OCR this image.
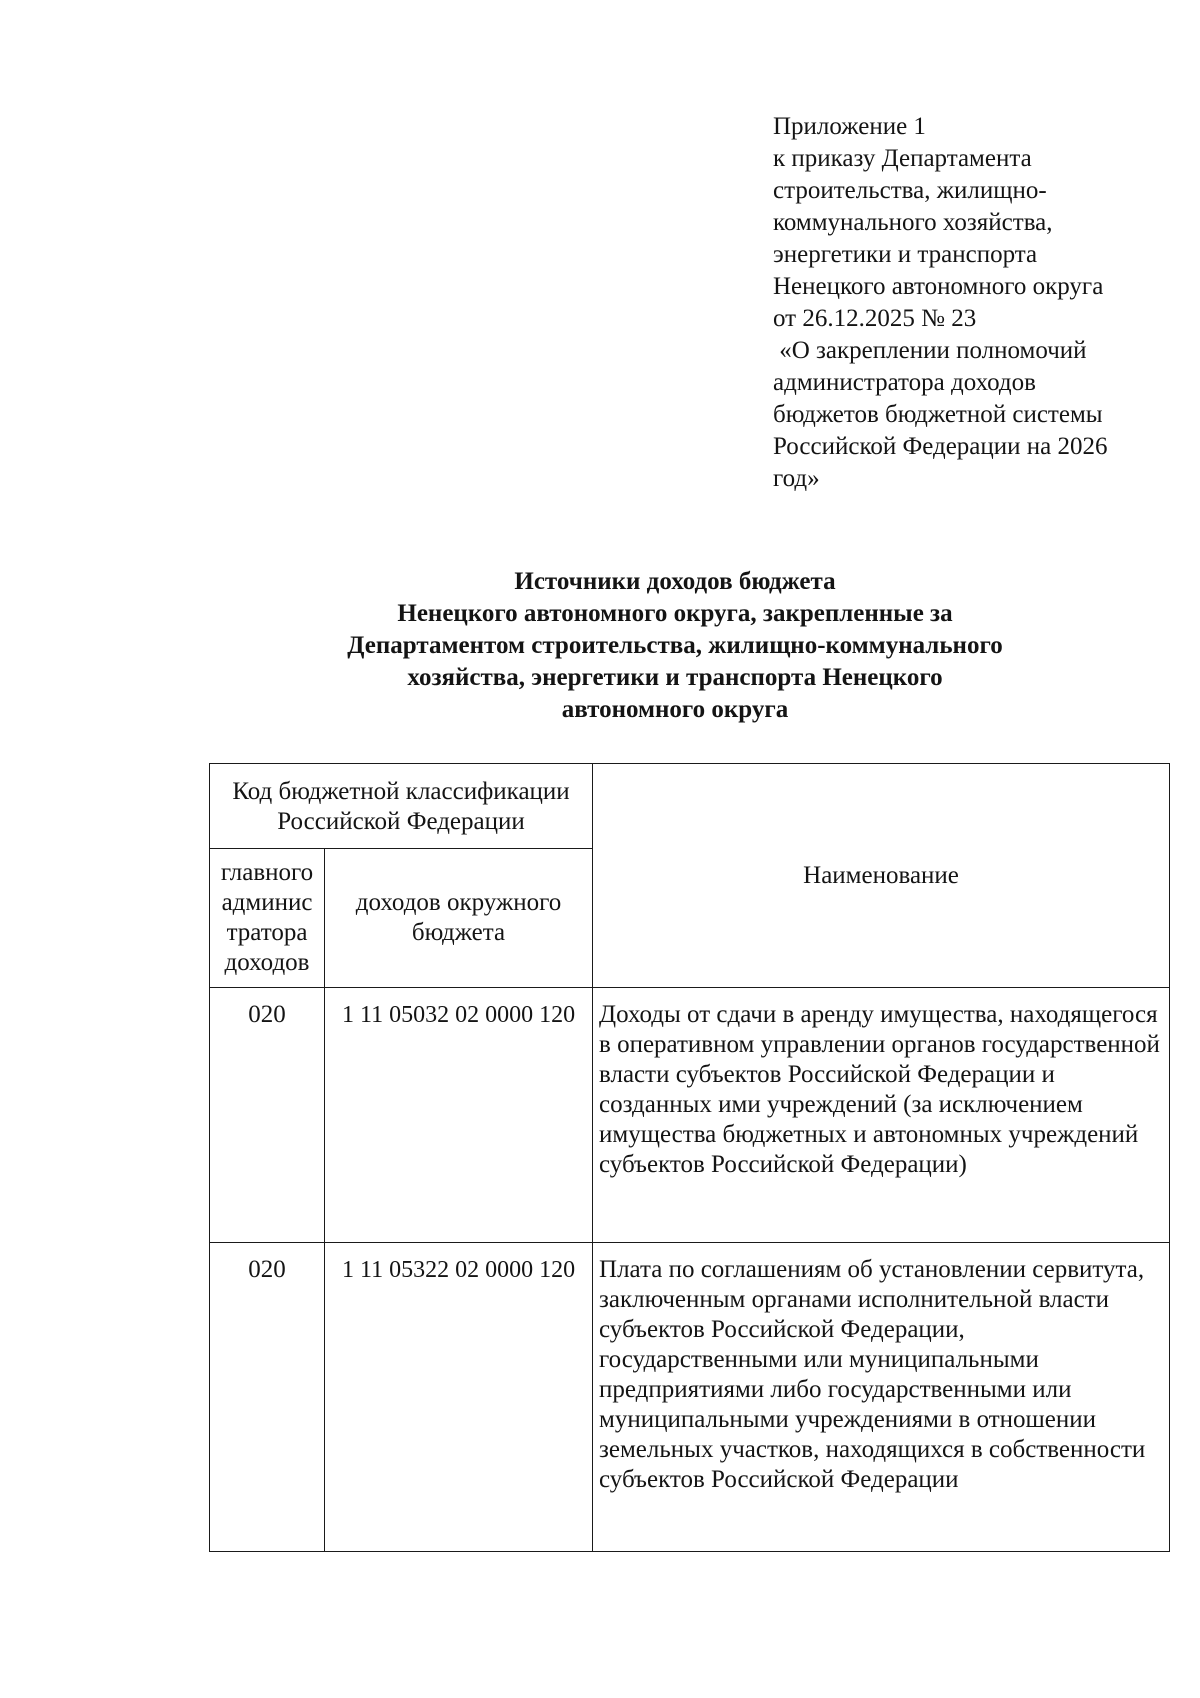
Приложение 1
к приказу Департамента
строительства, жилищно-
коммунального хозяйства,
энергетики и транспорта
Ненецкого автономного округа
от 26.12.2025 № 23
«О закреплении полномочий
администратора доходов
бюджетов бюджетной системы
Российской Федерации на 2026
год»
Источники доходов бюджета
Ненецкого автономного округа, закрепленные за
Департаментом строительства, жилищно-коммунального
хозяйства, энергетики и транспорта Ненецкого
автономного округа
Код бюджетной классификации Российской Федерации		Наименование
главного админис тратора доходов	доходов окружного бюджета	
020	1 11 05032 02 0000 120	Доходы от сдачи в аренду имущества, находящегося в оперативном управлении органов государственной власти субъектов Российской Федерации и созданных ими учреждений (за исключением имущества бюджетных и автономных учреждений субъектов Российской Федерации)
020	1 11 05322 02 0000 120	Плата по соглашениям об установлении сервитута, заключенным органами исполнительной власти субъектов Российской Федерации, государственными или муниципальными предприятиями либо государственными или муниципальными учреждениями в отношении земельных участков, находящихся в собственности субъектов Российской Федерации
